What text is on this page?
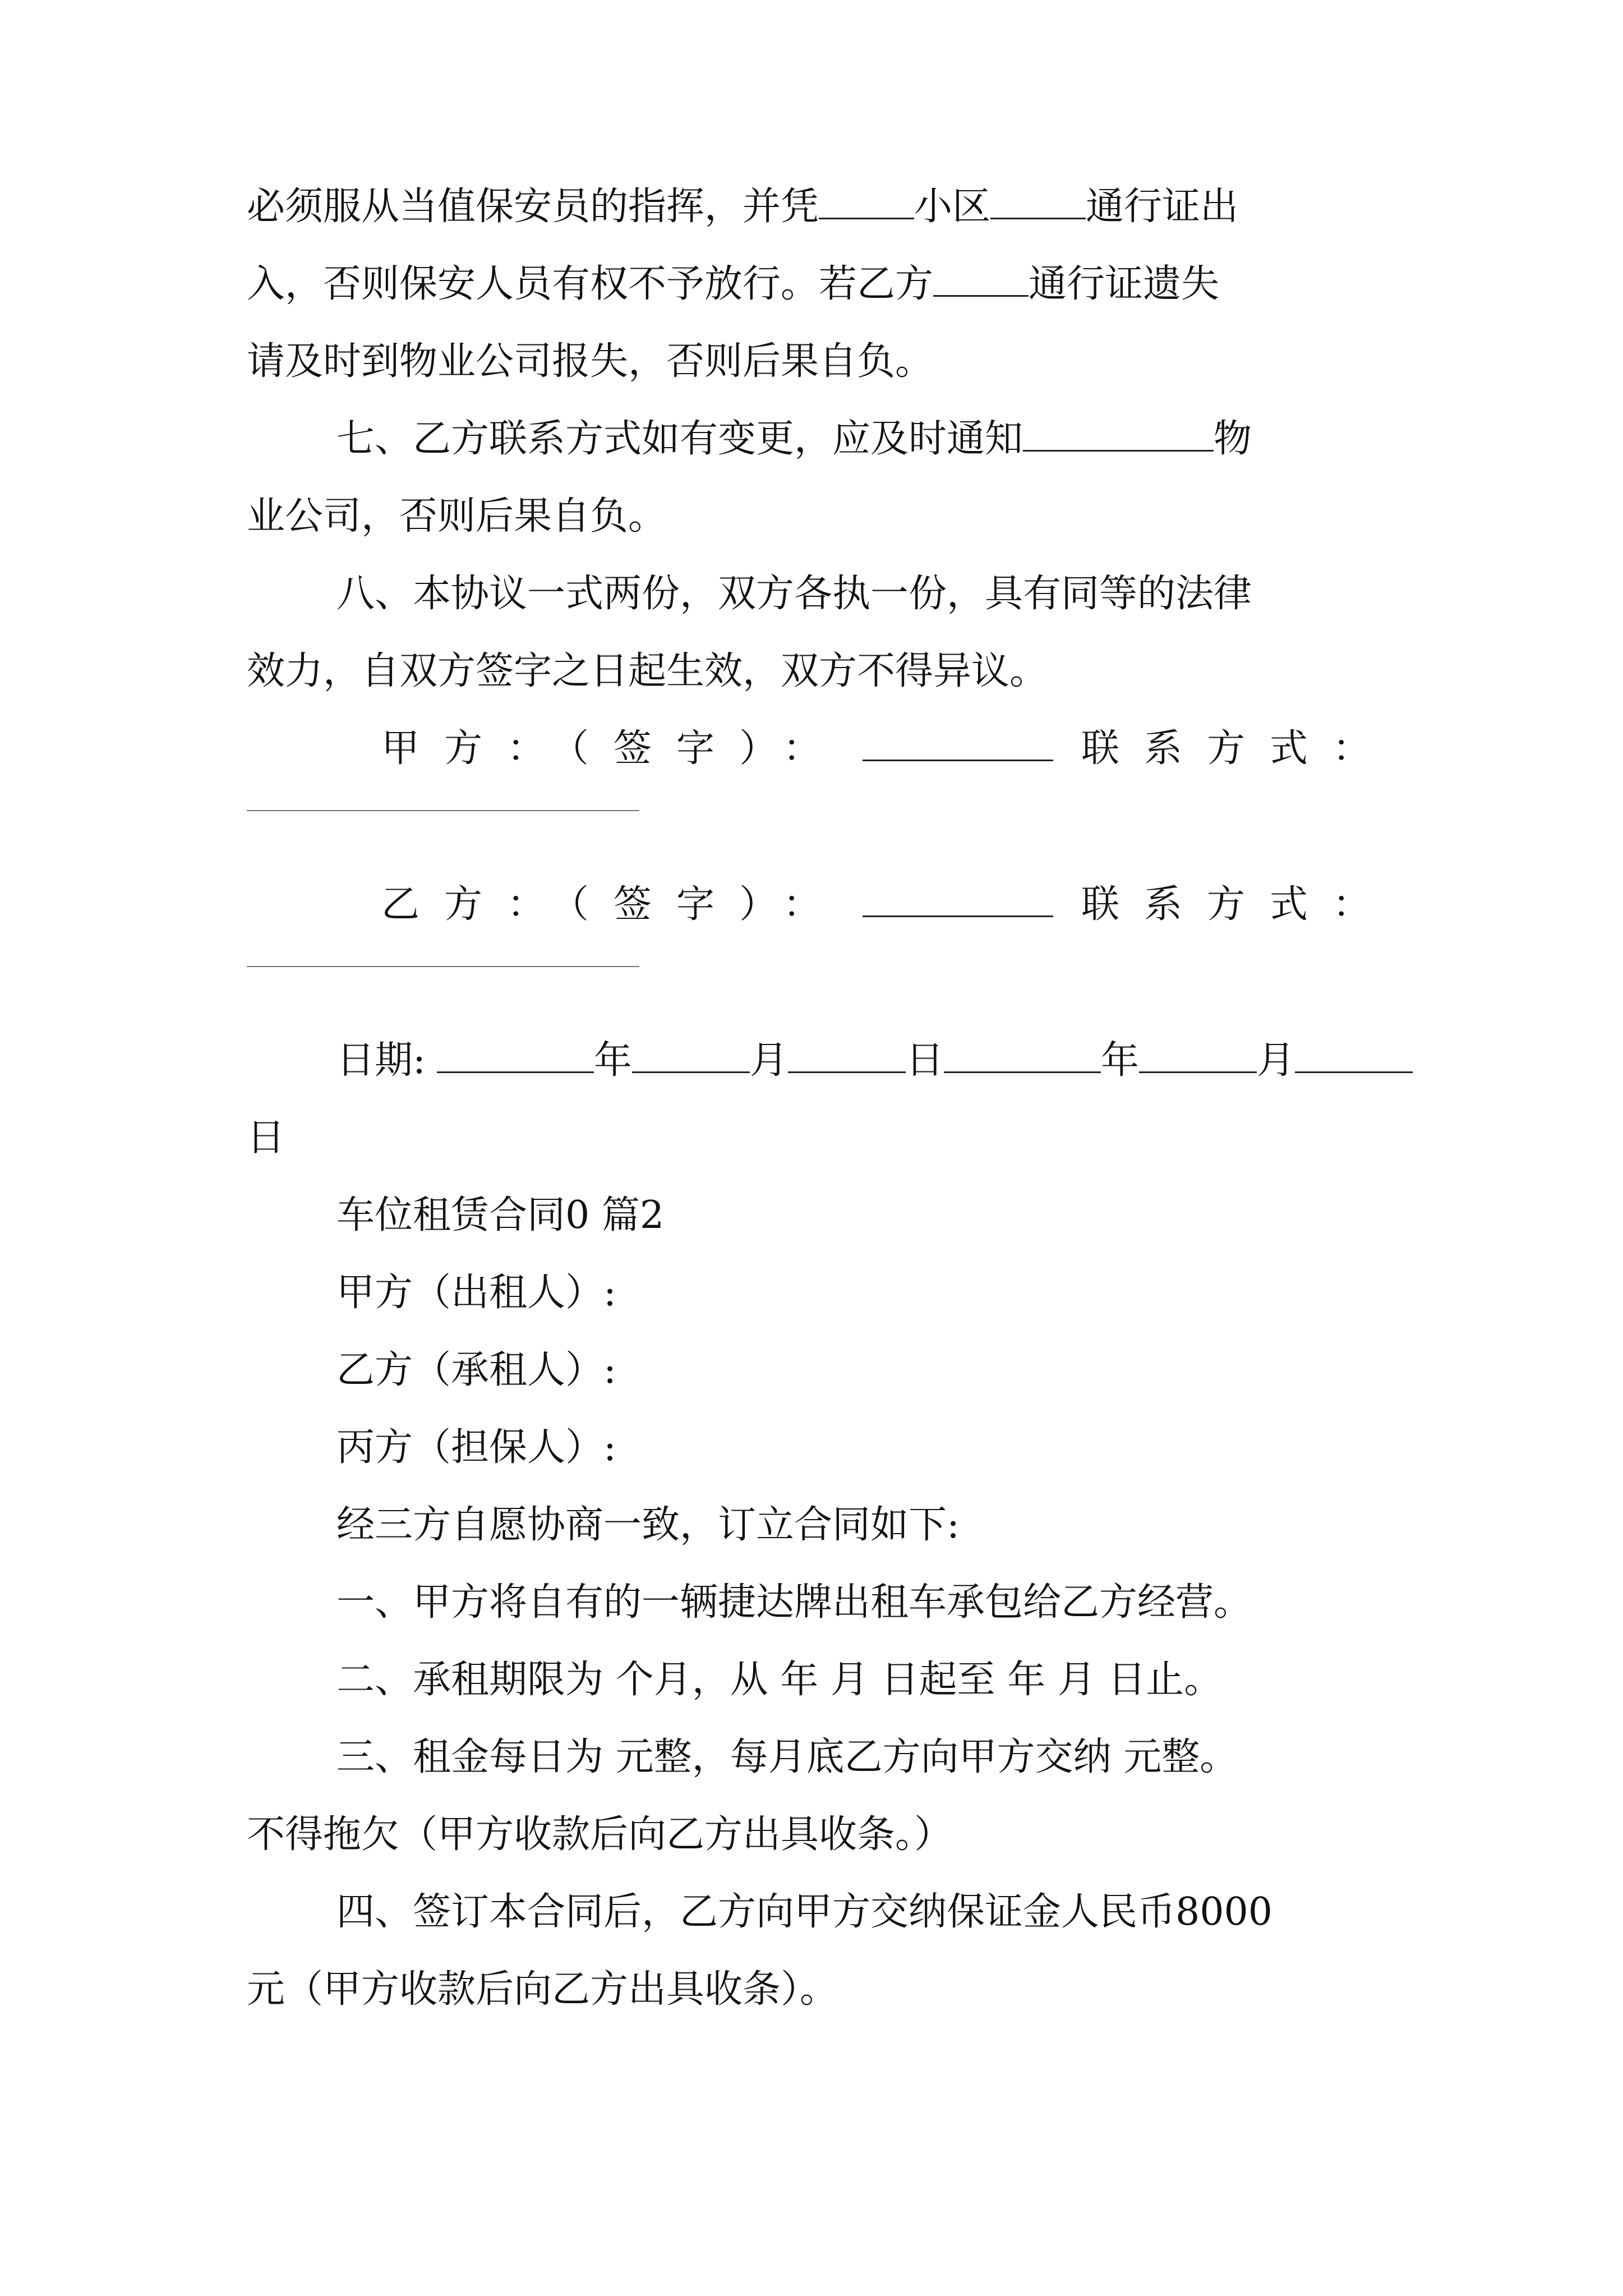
必须服从当值保安员的指挥，并凭	小区	通行证出
入，否则保安人员有权不予放行。若乙方	通行证遗失
请及时到物业公司报失，否则后果自负。
七、乙方联系方式如有变更，应及时通知	物
业公司，否则后果自负。
八、本协议一式两份，双方各执一份，具有同等的法律
效力，自双方签字之日起生效，双方不得异议。
甲方：（签字）：	联系方式：
乙方：（签字）：	联系方式：
日期:	年	月	日	年	月
日
车位租赁合同0 篇2
甲方（出租人）:
乙方（承租人）:
丙方（担保人）:
经三方自愿协商一致，订立合同如下:
一、甲方将自有的一辆捷达牌出租车承包给乙方经营。
二、承租期限为 个月，从 年 月 日起至 年 月 日止。
三、租金每日为 元整，每月底乙方向甲方交纳 元整。
不得拖欠（甲方收款后向乙方出具收条。）
四、签订本合同后，乙方向甲方交纳保证金人民币8000
元（甲方收款后向乙方出具收条）。
